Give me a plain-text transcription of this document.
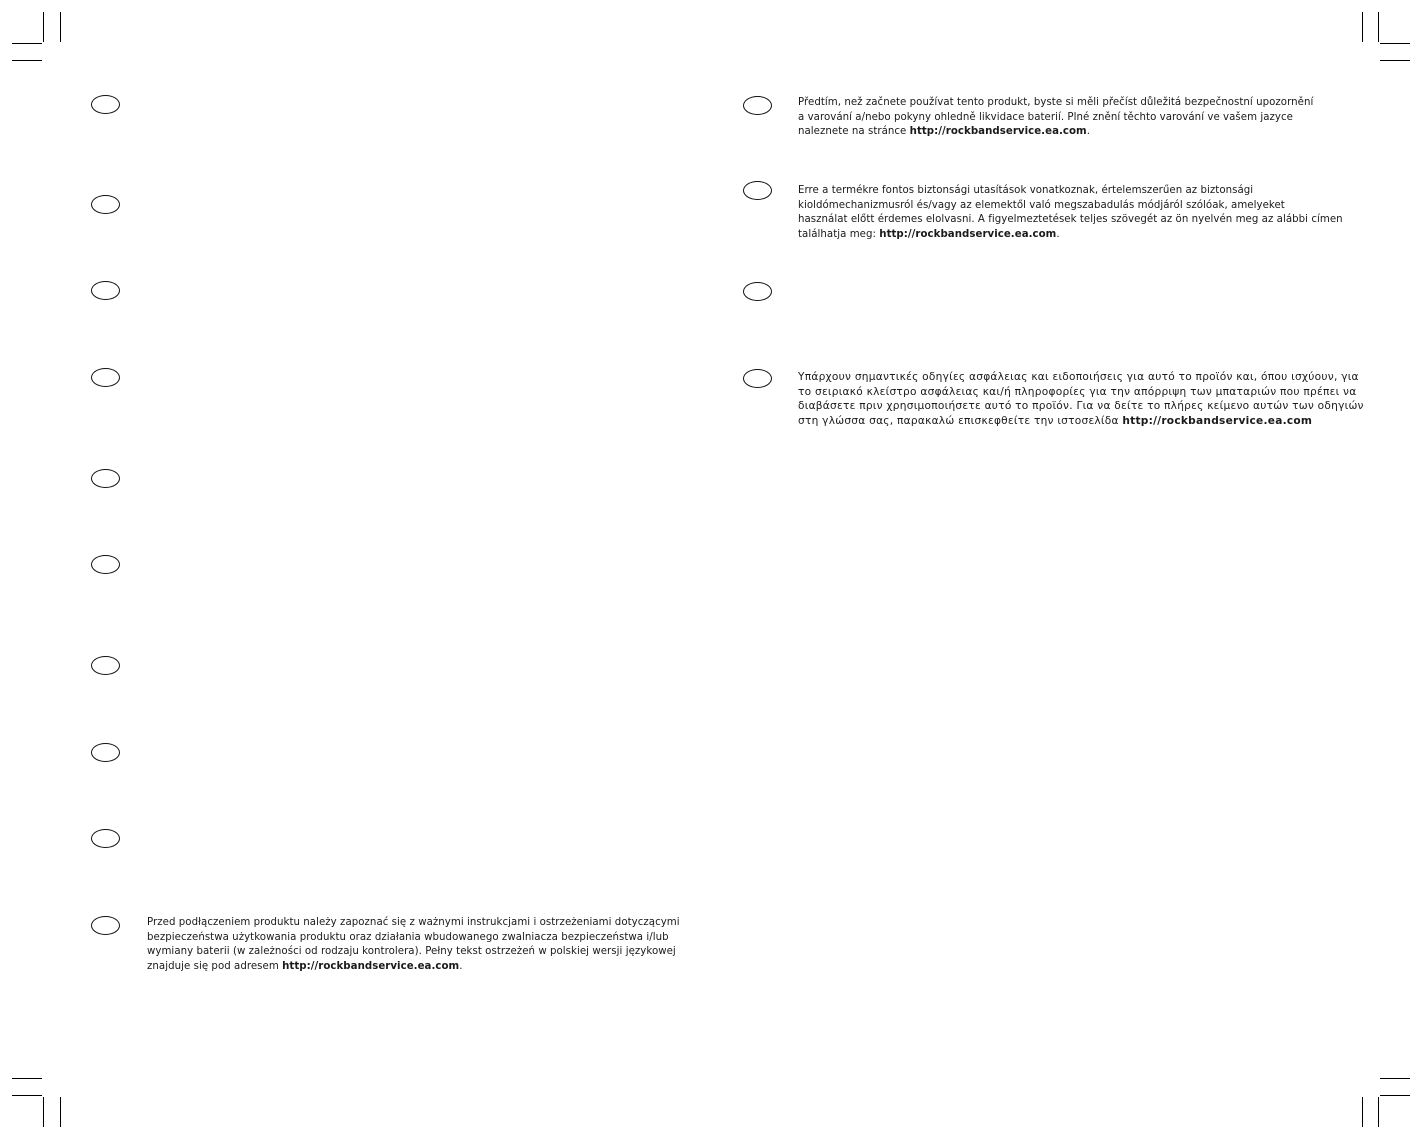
Předtím, než začnete používat tento produkt, byste si měli přečíst důležitá bezpečnostní upozornění
a varování a/nebo pokyny ohledně likvidace baterií. Plné znění těchto varování ve vašem jazyce
naleznete na stránce http://rockbandservice.ea.com.
Erre a termékre fontos biztonsági utasítások vonatkoznak, értelemszerűen az biztonsági
kioldómechanizmusról és/vagy az elemektől való megszabadulás módjáról szólóak, amelyeket
használat előtt érdemes elolvasni. A figyelmeztetések teljes szövegét az ön nyelvén meg az alábbi címen
találhatja meg: http://rockbandservice.ea.com.
Υπάρχουν σημαντικές οδηγίες ασφάλειας και ειδοποιήσεις για αυτό το προϊόν και, όπου ισχύουν, για
το σειριακό κλείστρο ασφάλειας και/ή πληροφορίες για την απόρριψη των μπαταριών που πρέπει να
διαβάσετε πριν χρησιμοποιήσετε αυτό το προϊόν. Για να δείτε το πλήρες κείμενο αυτών των οδηγιών
στη γλώσσα σας, παρακαλώ επισκεφθείτε την ιστοσελίδα http://rockbandservice.ea.com
Przed podłączeniem produktu należy zapoznać się z ważnymi instrukcjami i ostrzeżeniami dotyczącymi
bezpieczeństwa użytkowania produktu oraz działania wbudowanego zwalniacza bezpieczeństwa i/lub
wymiany baterii (w zależności od rodzaju kontrolera). Pełny tekst ostrzeżeń w polskiej wersji językowej
znajduje się pod adresem http://rockbandservice.ea.com.
